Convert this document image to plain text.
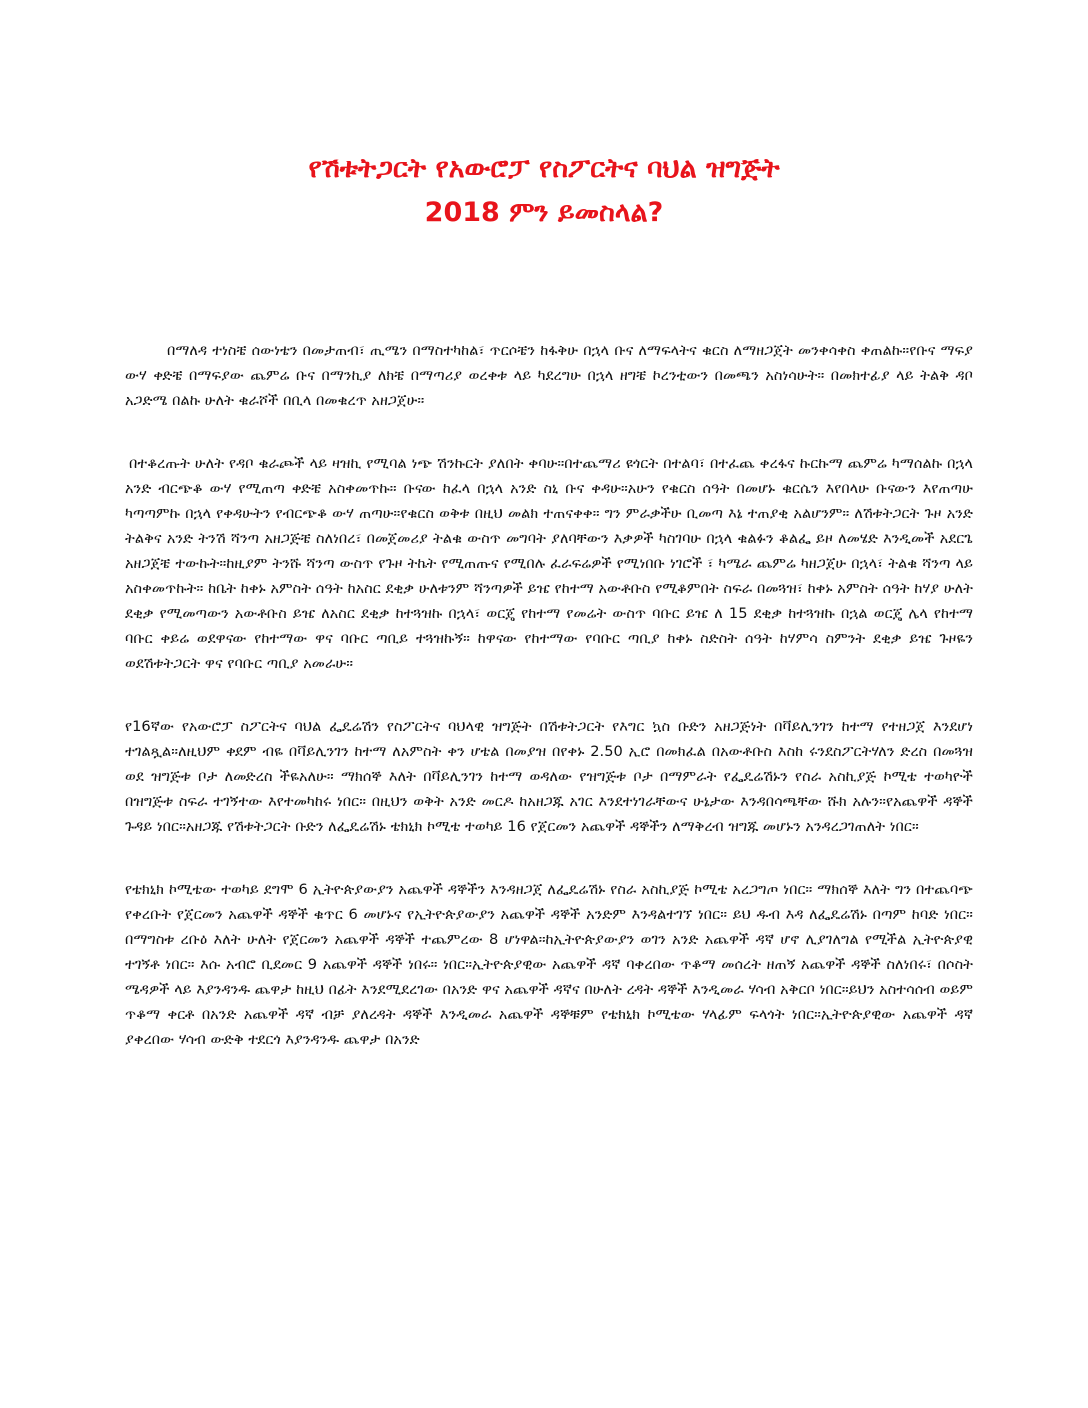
የሽቱትጋርት የአውሮፓ የስፖርትና ባህል ዝግጅት

2018 ምን ይመስላል?

በማለዳ ተነስቼ ሰውነቴን በመታጠብ፣ ጢሜን በማስተካከል፣ ጥርሶቼን ከፋቅሁ በኋላ ቡና ለማፍላትና ቁርስ ለማዘጋጀት መንቀሳቀስ ቀጠልኩ።የቡና ማፍያ ውሃ ቀድቼ በማፍያው ጨምሬ ቡና በማንኪያ ለክቼ በማጣሪያ ወረቀቱ ላይ ካደረግሁ በኋላ ዘግቼ ኮረንቲውን በመጫን አስነሳሁት። በመክተፊያ ላይ ትልቅ ዳቦ አጋድሜ በልኩ ሁለት ቁራሾች በቢላ በመቁረጥ አዘጋጀሁ።

በተቆረጡት ሁለት የዳቦ ቁራጮች ላይ ዛዝኪ የሚባል ነጭ ሽንኩርት ያለበት ቀባሁ።በተጨማሪ ዩጎርት በተልባ፣ በተፈጨ ቀረፋና ኩርኩማ ጨምሬ ካማሰልኩ በኋላ አንድ ብርጭቆ ውሃ የሚጠጣ ቀድቼ አስቀመጥኩ። ቡናው ከፈላ በኋላ አንድ ስኒ ቡና ቀዳሁ።አሁን የቁርስ ሰዓት በመሆኑ ቁርሴን እየበላሁ ቡናውን እየጠጣሁ ካጣጣምኩ በኋላ የቀዳሁትን የብርጭቆ ውሃ ጠጣሁ።የቁርስ ወቅቱ በዚህ መልክ ተጠናቀቀ። ግን ምራቃችሁ ቢመጣ እኔ ተጠያቂ አልሆንም። ለሽቱትጋርት ጉዞ አንድ ትልቅና አንድ ትንሽ ሻንጣ አዘጋጅቼ ስለነበረ፣ በመጀመሪያ ትልቁ ውስጥ መግባት ያለባቸውን እቃዎች ካስገባሁ በኋላ ቁልፉን ቆልፌ ይዞ ለመሄድ እንዲመች አደርጌ አዘጋጀቼ ተውኩት።ከዚያም ትንሹ ሻንጣ ውስጥ የጉዞ ትኬት የሚጠጡና የሚበሉ ፈራፍሬዎች የሚነበቡ ነገሮች ፣ ካሜራ ጨምሬ ካዘጋጀሁ በኋላ፣ ትልቁ ሻንጣ ላይ አስቀመጥኩት። ከቤት ከቀኑ አምስት ሰዓት ከአስር ደቂቃ ሁለቱንም ሻንጣዎች ይዤ የከተማ አውቶቡስ የሚቆምበት ስፍራ በመጓዝ፣ ከቀኑ አምስት ሰዓት ከሃያ ሁለት ደቂቃ የሚመጣውን አውቶቡስ ይዤ ለአስር ደቂቃ ከተጓዝኩ በኋላ፣ ወርጄ የከተማ የመሬት ውስጥ ባቡር ይዤ ለ 15 ደቂቃ ከተጓዝኩ በኋል ወርጄ ሌላ የከተማ ባቡር ቀይሬ ወደዋናው የከተማው ዋና ባቡር ጣቢይ ተጓዝኩኝ። ከዋናው የከተማው የባቡር ጣቢያ ከቀኑ ስድስት ሰዓት ከሃምሳ ስምንት ደቂቃ ይዤ ጉዞዬን ወደሽቱትጋርት ዋና የባቡር ጣቢያ አመራሁ።

የ16ኛው የአውሮፓ ስፖርትና ባህል ፌዴሬሽን የስፖርትና ባህላዊ ዝግጅት በሽቱትጋርት የእግር ኳስ ቡድን አዘጋጅነት በቫይሊንገን ከተማ የተዘጋጀ እንደሆነ ተገልጿል።ለዚህም ቀደም ብዬ በቫይሊንገን ከተማ ለአምስት ቀን ሆቴል በመያዝ በየቀኑ 2.50 ኢሮ በመክፈል በአውቶቡስ እስከ ሩንደስፖርትሃለን ድረስ በመጓዝ ወደ ዝግጅቱ ቦታ ለመድረስ ችዬአለሁ። ማክሰኞ እለት በቫይሊንገን ከተማ ወዳለው የዝግጅቱ ቦታ በማምራት የፌዴሬሽኑን የስራ አስኪያጅ ኮሚቴ ተወካዮች በዝግጅቱ ስፍራ ተገኝተው እየተመካከሩ ነበር። በዚህን ወቅት አንድ መርዶ ከአዘጋጁ አገር እንደተነገራቸውና ሁኔታው እንዳበሳጫቸው ሹክ አሉን።የአጨዋች ዳኞች ጉዳይ ነበር።አዘጋጁ የሽቱትጋርት ቡድን ለፌዴሬሽኑ ቴክኒክ ኮሚቴ ተወካይ 16 የጀርመን አጨዋች ዳኞችን ለማቅረብ ዝግጁ መሆኑን አንዳረጋገጠለት ነበር።

የቴክኒክ ኮሚቴው ተወካይ ደግሞ 6 ኢትዮጵያውያን አጨዋች ዳኞችን እንዳዘጋጀ ለፌዴሬሽኑ የስራ አስኪያጅ ኮሚቴ አረጋግጦ ነበር። ማክሰኞ እለት ግን በተጨባጭ የቀረቡት የጀርመን አጨዋች ዳኞች ቁጥር 6 መሆኑና የኢትዮጵያውያን አጨዋች ዳኞች አንድም እንዳልተገኘ ነበር። ይህ ዱብ እዳ ለፌዴሬሽኑ በጣም ከባድ ነበር። በማግስቱ ረቡዕ እለት ሁለት የጀርመን አጨዋች ዳኞች ተጨምረው 8 ሆነዋል።ከኢትዮጵያውያን ወገን አንድ አጨዋች ዳኛ ሆኖ ሊያገለግል የሚችል ኢትዮጵያዊ ተገኝቶ ነበር። እሱ አብሮ ቢደመር 9 አጨዋች ዳኞች ነበሩ። ነበር።ኢትዮጵያዊው አጨዋች ዳኛ ባቀረበው ጥቆማ መሰረት ዘጠኝ አጨዋች ዳኞች ስለነበሩ፣ በሶስት ሜዳዎች ላይ እያንዳንዱ ጨዋታ ከዚህ በፊት እንደሚደረገው በአንድ ዋና አጨዋች ዳኛና በሁለት ረዳት ዳኞች እንዲመራ ሃሳብ አቅርቦ ነበር።ይህን አስተሳሰብ ወይም ጥቆማ ቀርቶ በአንድ አጨዋች ዳኛ ብቻ ያለረዳት ዳኞች እንዲመራ አጨዋች ዳኞቹም የቴክኒክ ኮሚቴው ሃላፊም ፍላጎት ነበር።ኢትዮጵያዊው አጨዋች ዳኛ ያቀረበው ሃሳብ ውድቅ ተደርጎ እያንዳንዱ ጨዋታ በአንድ
